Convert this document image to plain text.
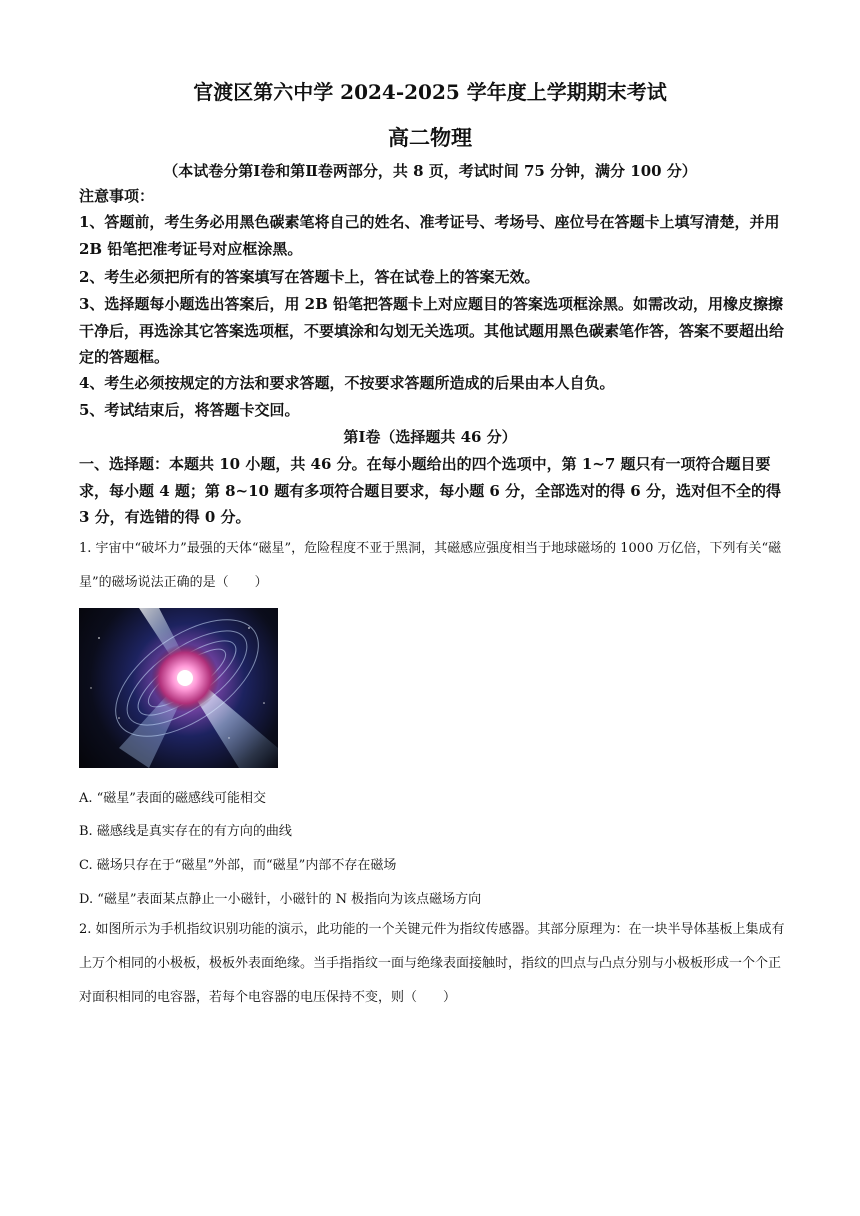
官渡区第六中学 2024-2025 学年度上学期期末考试
高二物理
（本试卷分第Ⅰ卷和第Ⅱ卷两部分，共 8 页，考试时间 75 分钟，满分 100 分）
注意事项：
1、答题前，考生务必用黑色碳素笔将自己的姓名、准考证号、考场号、座位号在答题卡上填写清楚，并用 2B 铅笔把准考证号对应框涂黑。
2、考生必须把所有的答案填写在答题卡上，答在试卷上的答案无效。
3、选择题每小题选出答案后，用 2B 铅笔把答题卡上对应题目的答案选项框涂黑。如需改动，用橡皮擦擦干净后，再选涂其它答案选项框，不要填涂和勾划无关选项。其他试题用黑色碳素笔作答，答案不要超出给定的答题框。
4、考生必须按规定的方法和要求答题，不按要求答题所造成的后果由本人自负。
5、考试结束后，将答题卡交回。
第Ⅰ卷（选择题共 46 分）
一、选择题：本题共 10 小题，共 46 分。在每小题给出的四个选项中，第 1~7 题只有一项符合题目要求，每小题 4 题；第 8~10 题有多项符合题目要求，每小题 6 分，全部选对的得 6 分，选对但不全的得 3 分，有选错的得 0 分。
1. 宇宙中“破坏力”最强的天体“磁星”，危险程度不亚于黑洞，其磁感应强度相当于地球磁场的 1000 万亿倍，下列有关“磁星”的磁场说法正确的是（　　）
A. “磁星”表面的磁感线可能相交
B. 磁感线是真实存在的有方向的曲线
C. 磁场只存在于“磁星”外部，而“磁星”内部不存在磁场
D. “磁星”表面某点静止一小磁针，小磁针的 N 极指向为该点磁场方向
2. 如图所示为手机指纹识别功能的演示，此功能的一个关键元件为指纹传感器。其部分原理为：在一块半导体基板上集成有上万个相同的小极板，极板外表面绝缘。当手指指纹一面与绝缘表面接触时，指纹的凹点与凸点分别与小极板形成一个个正对面积相同的电容器，若每个电容器的电压保持不变，则（　　）
